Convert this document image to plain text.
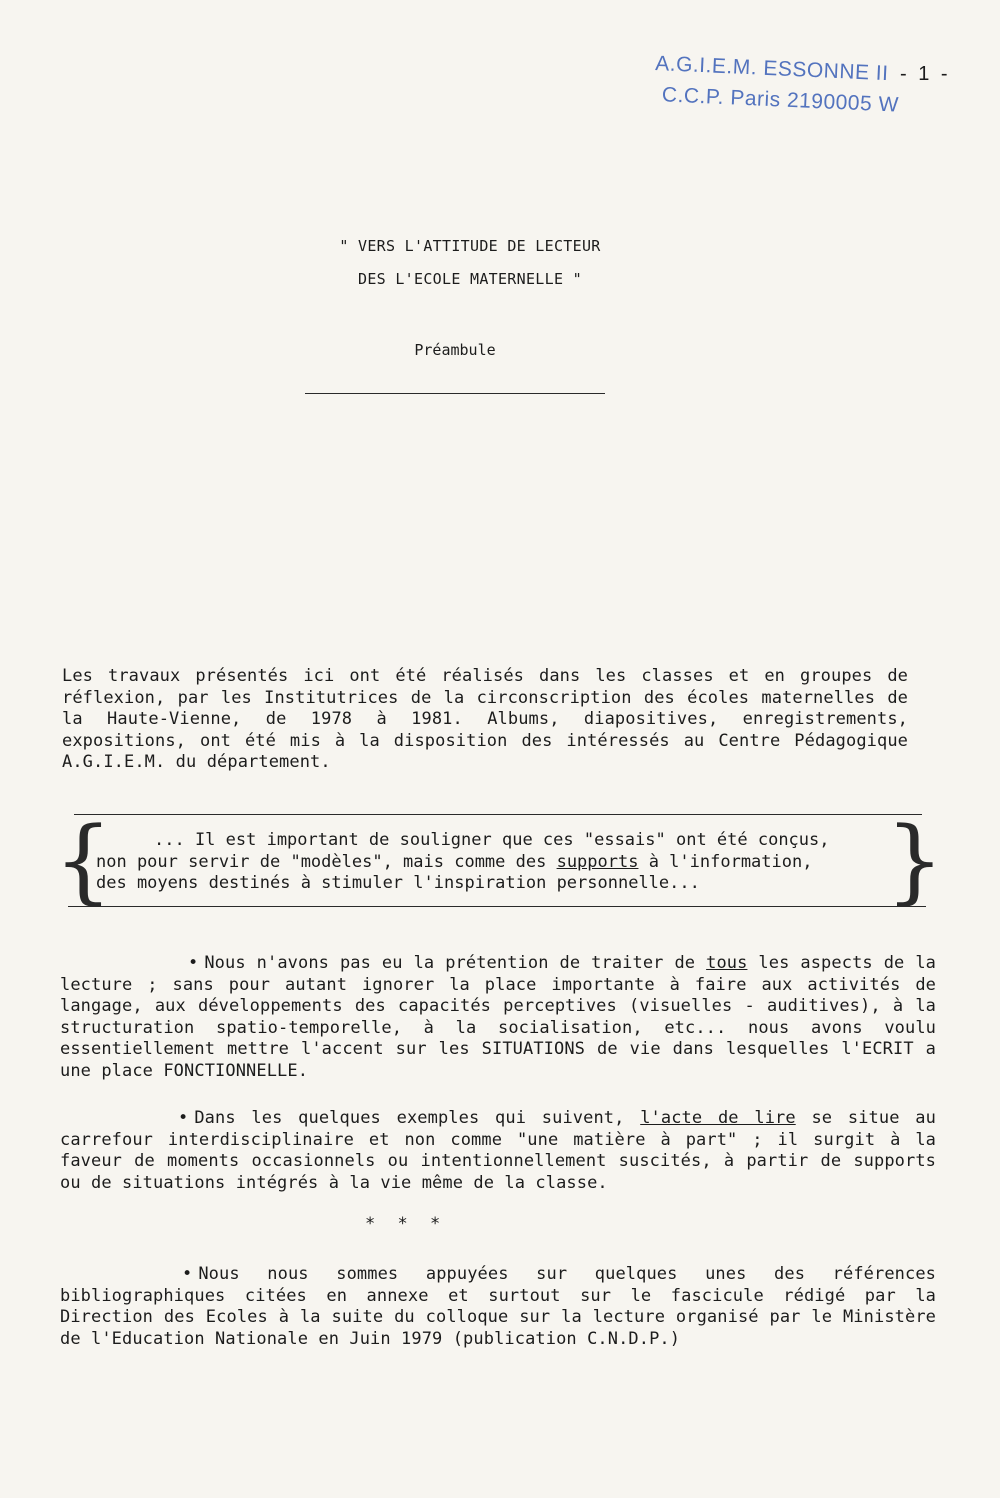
A.G.I.E.M. ESSONNE II
C.C.P. Paris 2190005 W
- 1 -
" VERS L'ATTITUDE DE LECTEUR
DES L'ECOLE MATERNELLE "
Préambule
Les travaux présentés ici ont été réalisés dans les classes et en groupes de réflexion, par les Institutrices de la circonscription des écoles maternelles de la Haute-Vienne, de 1978 à 1981. Albums, diapositives, enregistrements, expositions, ont été mis à la disposition des intéressés au Centre Pédagogique A.G.I.E.M. du département.
{	... Il est important de souligner que ces "essais" ont été conçus,
non pour servir de "modèles", mais comme des supports à l'information,
des moyens destinés à stimuler l'inspiration personnelle...	}
• Nous n'avons pas eu la prétention de traiter de tous les aspects de la lecture ; sans pour autant ignorer la place importante à faire aux activités de langage, aux développements des capacités perceptives (visuelles - auditives), à la structuration spatio-temporelle, à la socialisation, etc... nous avons voulu essentiellement mettre l'accent sur les SITUATIONS de vie dans lesquelles l'ECRIT a une place FONCTIONNELLE.
• Dans les quelques exemples qui suivent, l'acte de lire se situe au carrefour interdisciplinaire et non comme "une matière à part" ; il surgit à la faveur de moments occasionnels ou intentionnellement suscités, à partir de supports ou de situations intégrés à la vie même de la classe.
* * *
• Nous nous sommes appuyées sur quelques unes des références bibliographiques citées en annexe et surtout sur le fascicule rédigé par la Direction des Ecoles à la suite du colloque sur la lecture organisé par le Ministère de l'Education Nationale en Juin 1979 (publication C.N.D.P.)
